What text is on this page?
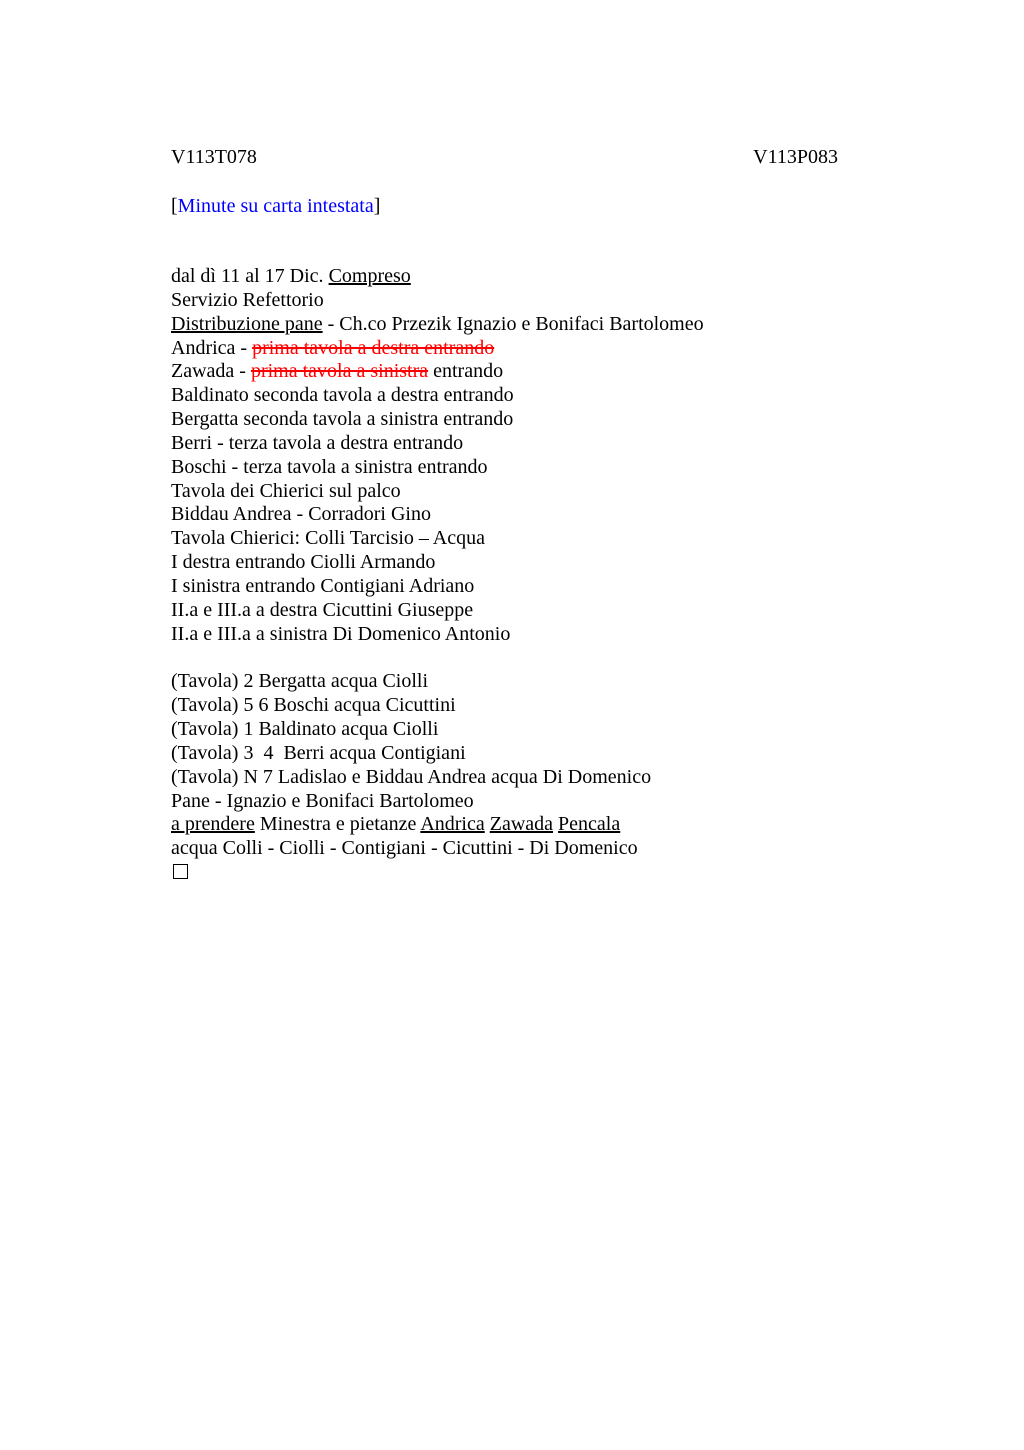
V113T078	V113P083
[Minute su carta intestata]
dal dì 11 al 17 Dic. Compreso
Servizio Refettorio
Distribuzione pane - Ch.co Przezik Ignazio e Bonifaci Bartolomeo
Andrica - prima tavola a destra entrando
Zawada - prima tavola a sinistra entrando
Baldinato seconda tavola a destra entrando
Bergatta seconda tavola a sinistra entrando
Berri - terza tavola a destra entrando
Boschi - terza tavola a sinistra entrando
Tavola dei Chierici sul palco
Biddau Andrea - Corradori Gino
Tavola Chierici: Colli Tarcisio – Acqua
I destra entrando Ciolli Armando
I sinistra entrando Contigiani Adriano
II.a e III.a a destra Cicuttini Giuseppe
II.a e III.a a sinistra Di Domenico Antonio
(Tavola) 2 Bergatta acqua Ciolli
(Tavola) 5 6 Boschi acqua Cicuttini
(Tavola) 1 Baldinato acqua Ciolli
(Tavola) 3  4  Berri acqua Contigiani
(Tavola) N 7 Ladislao e Biddau Andrea acqua Di Domenico
Pane - Ignazio e Bonifaci Bartolomeo
a prendere Minestra e pietanze Andrica Zawada Pencala
acqua Colli - Ciolli - Contigiani - Cicuttini - Di Domenico
